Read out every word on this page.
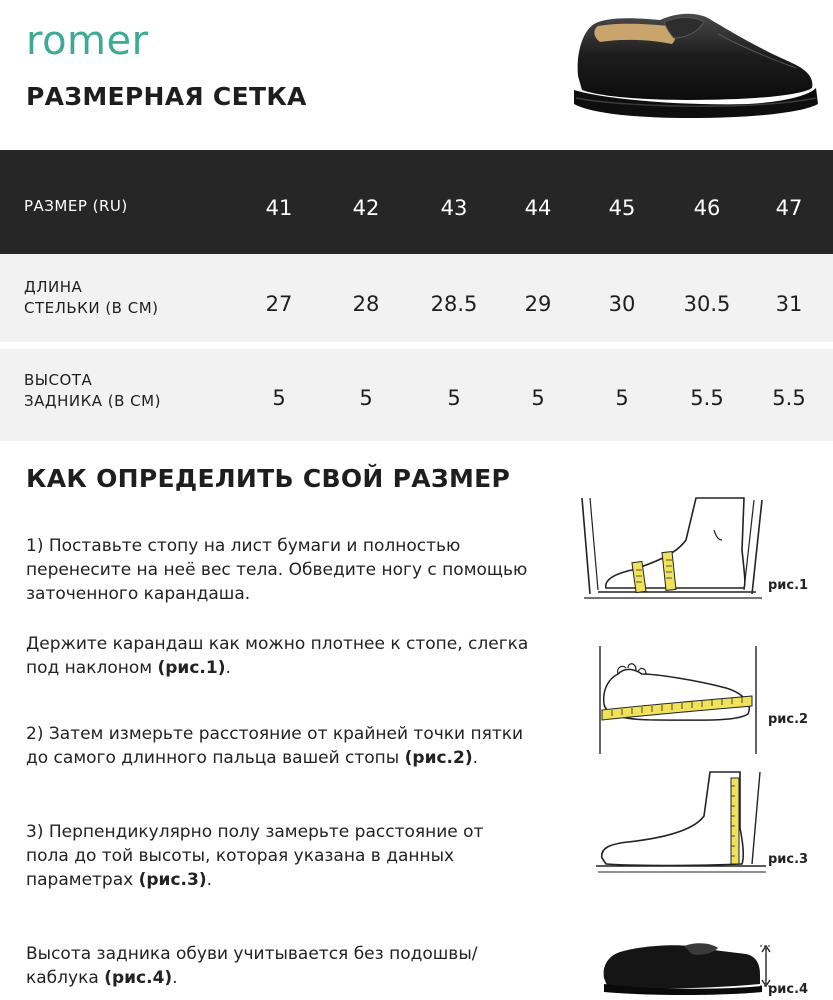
romer
РАЗМЕРНАЯ СЕТКА
РАЗМЕР (RU)	41	42	43	44	45	46	47
ДЛИНА
СТЕЛЬКИ (В СМ)	27	28	28.5	29	30	30.5	31
ВЫСОТА
ЗАДНИКА (В СМ)	5	5	5	5	5	5.5	5.5
КАК ОПРЕДЕЛИТЬ СВОЙ РАЗМЕР
1) Поставьте стопу на лист бумаги и полностью
перенесите на неё вес тела. Обведите ногу с помощью
заточенного карандаша.
Держите карандаш как можно плотнее к стопе, слегка
под наклоном (рис.1).
2) Затем измерьте расстояние от крайней точки пятки
до самого длинного пальца вашей стопы (рис.2).
3) Перпендикулярно полу замерьте расстояние от
пола до той высоты, которая указана в данных
параметрах (рис.3).
Высота задника обуви учитывается без подошвы/
каблука (рис.4).
рис.1
рис.2
рис.3
рис.4
